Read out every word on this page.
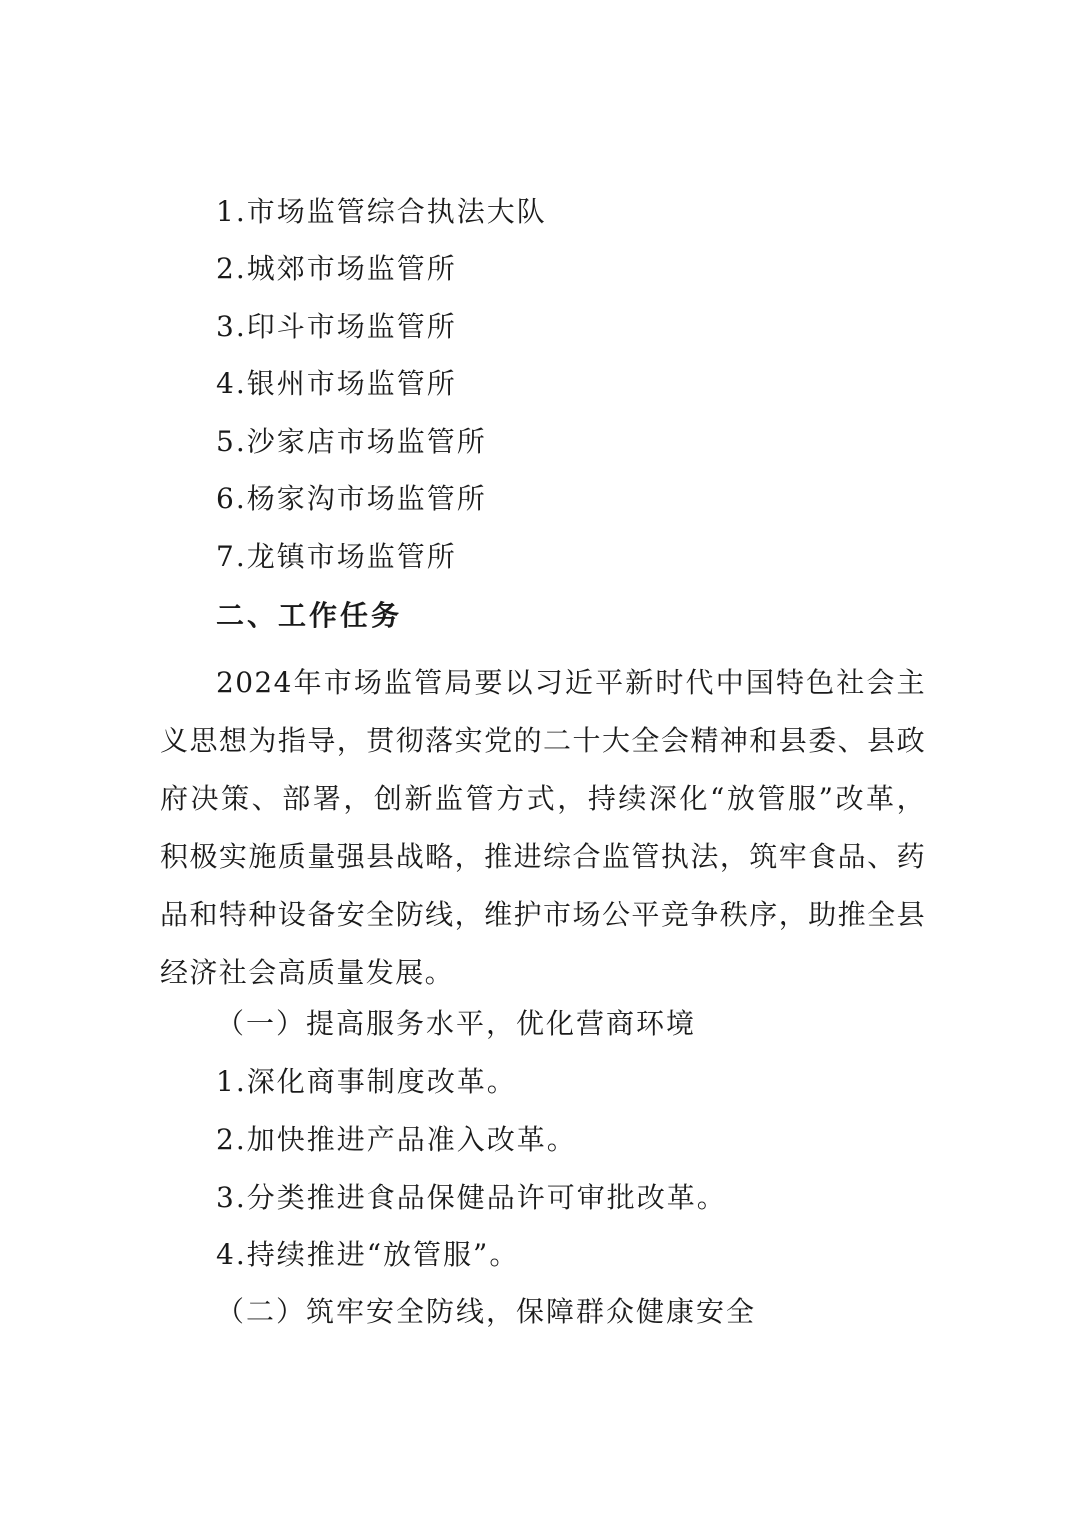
1.市场监管综合执法大队
2.城郊市场监管所
3.印斗市场监管所
4.银州市场监管所
5.沙家店市场监管所
6.杨家沟市场监管所
7.龙镇市场监管所
二、工作任务

2024年市场监管局要以习近平新时代中国特色社会主义思想为指导，贯彻落实党的二十大全会精神和县委、县政府决策、部署，创新监管方式，持续深化“放管服”改革，积极实施质量强县战略，推进综合监管执法，筑牢食品、药品和特种设备安全防线，维护市场公平竞争秩序，助推全县经济社会高质量发展。

（一）提高服务水平，优化营商环境
1.深化商事制度改革。
2.加快推进产品准入改革。
3.分类推进食品保健品许可审批改革。
4.持续推进“放管服”。
（二）筑牢安全防线，保障群众健康安全
